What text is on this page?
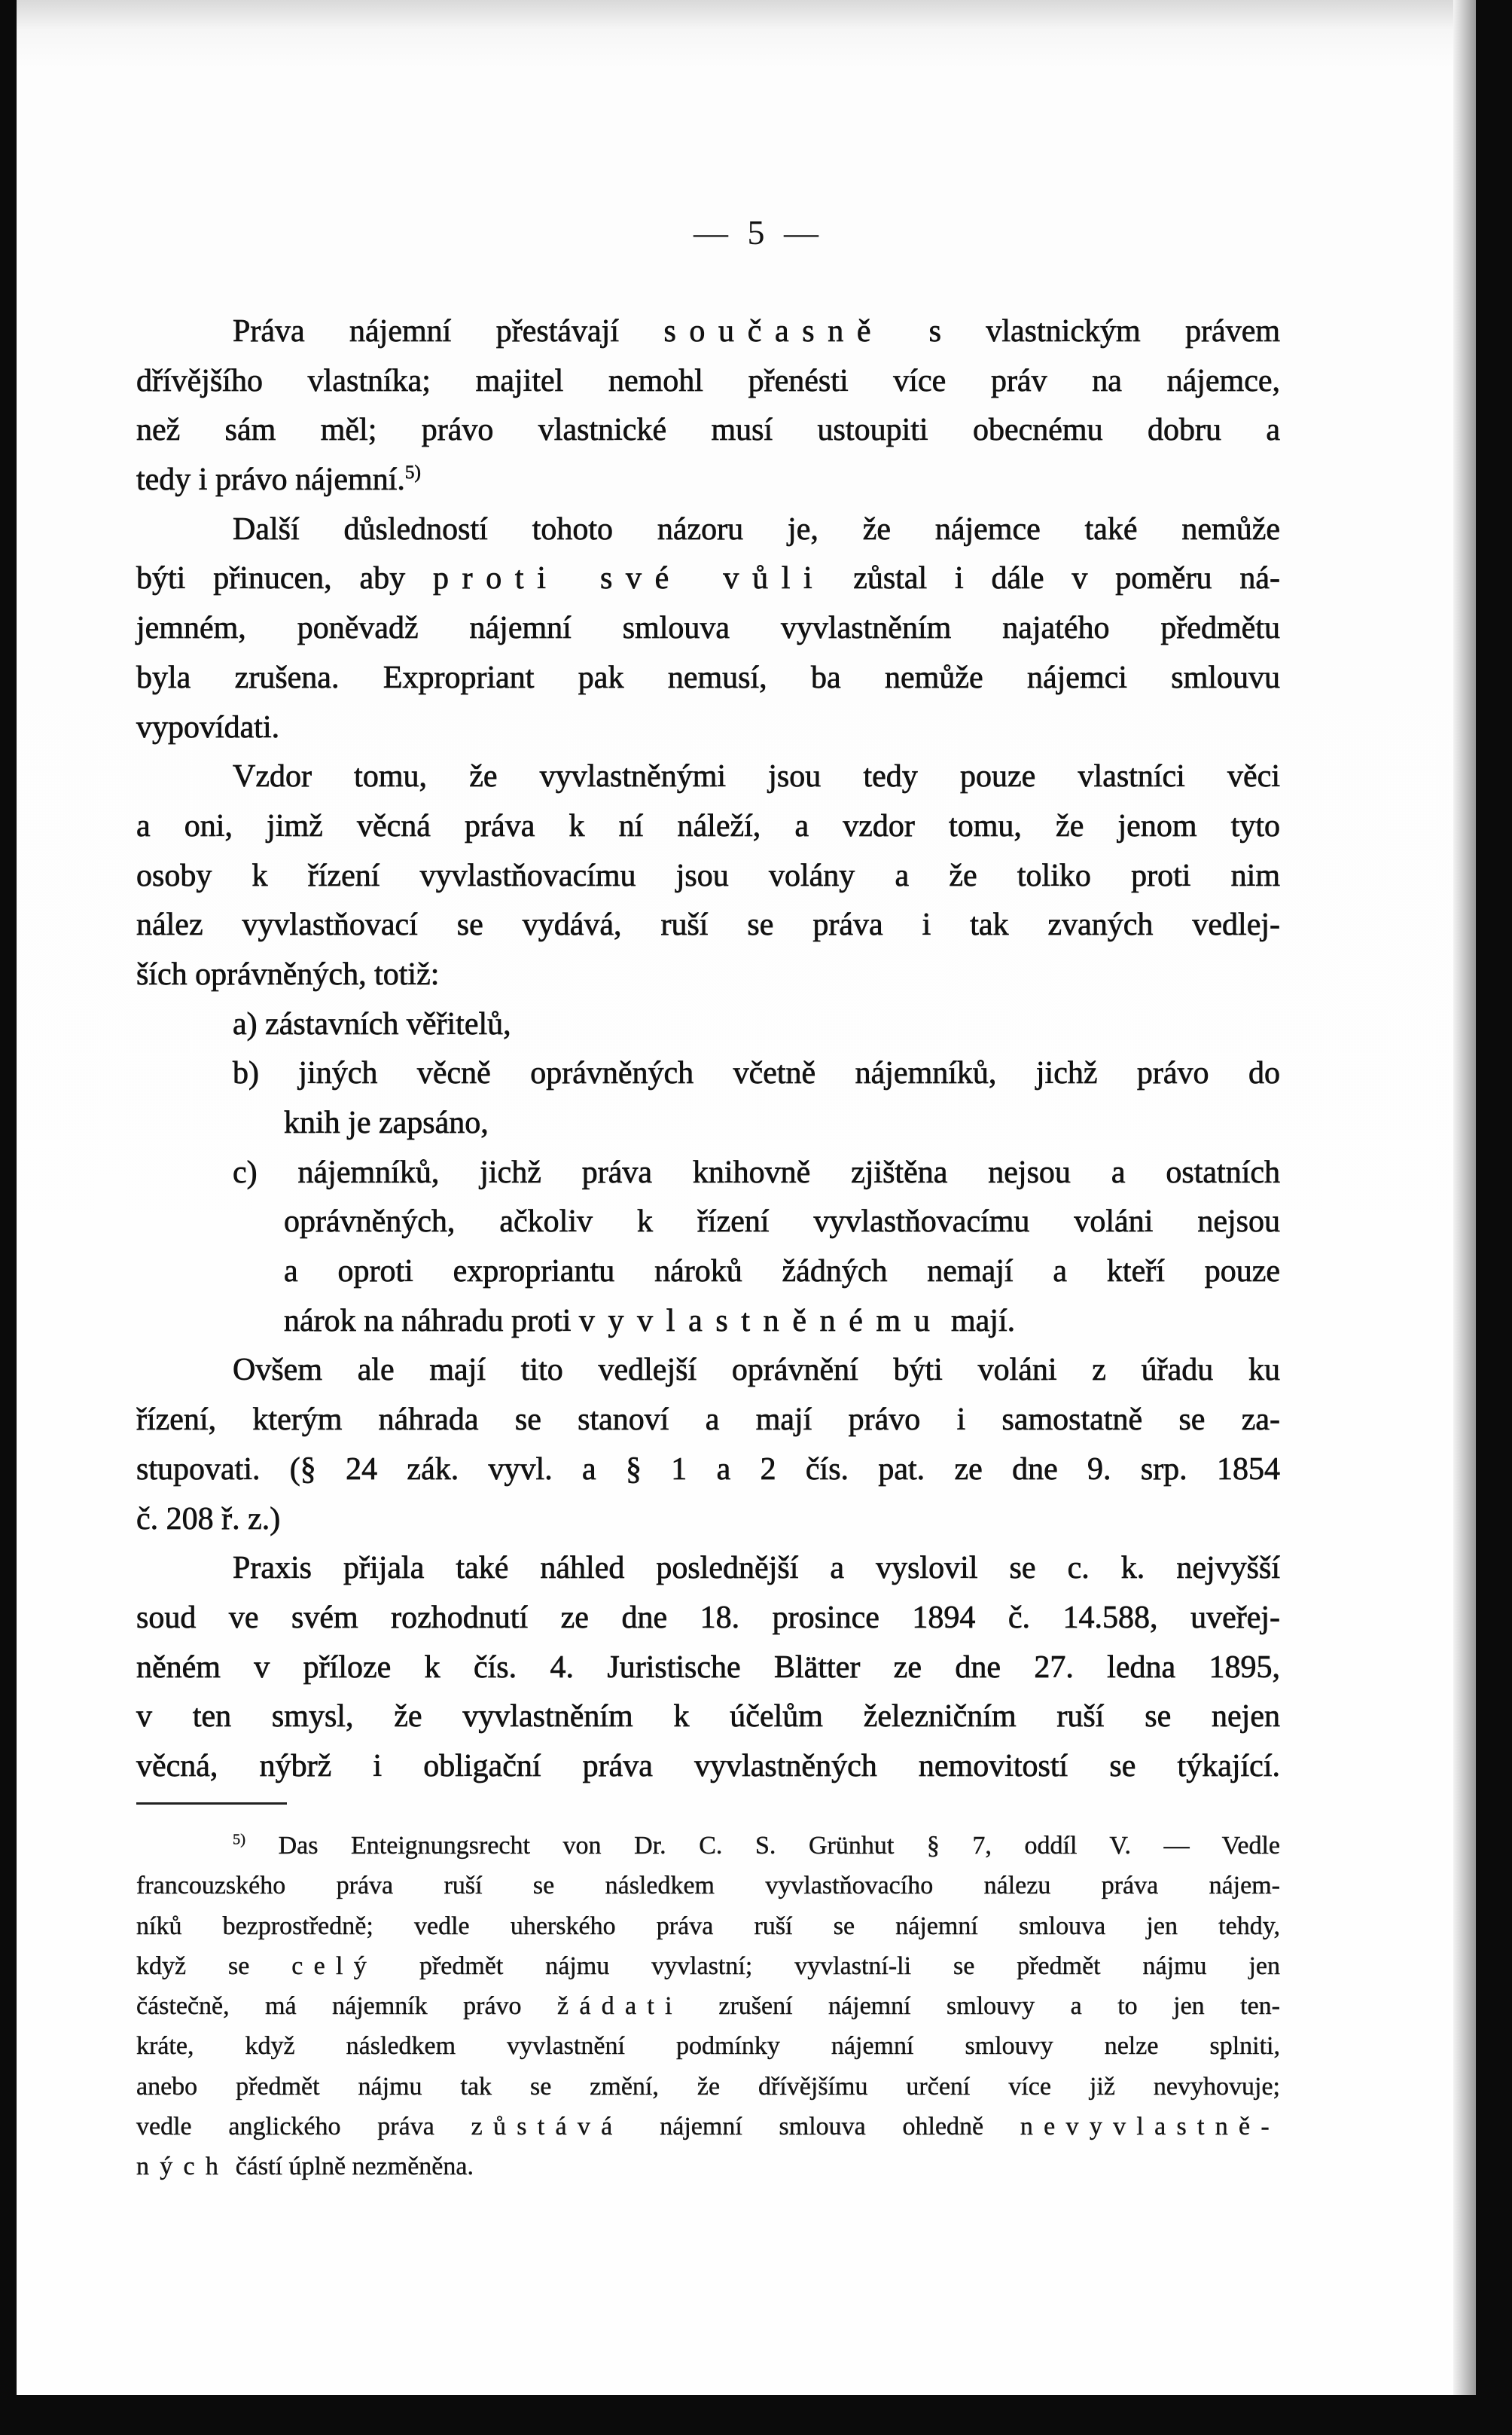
— 5 —
Práva nájemní přestávají současně s vlastnickým právem
dřívějšího vlastníka; majitel nemohl přenésti více práv na nájemce,
než sám měl; právo vlastnické musí ustoupiti obecnému dobru a
tedy i právo nájemní.$^{5)}$
Další důsledností tohoto názoru je, že nájemce také nemůže
býti přinucen, aby proti své vůli zůstal i dále v poměru ná-
jemném, poněvadž nájemní smlouva vyvlastněním najatého předmětu
byla zrušena. Expropriant pak nemusí, ba nemůže nájemci smlouvu
vypovídati.
Vzdor tomu, že vyvlastněnými jsou tedy pouze vlastníci věci
a oni, jimž věcná práva k ní náleží, a vzdor tomu, že jenom tyto
osoby k řízení vyvlastňovacímu jsou volány a že toliko proti nim
nález vyvlastňovací se vydává, ruší se práva i tak zvaných vedlej-
ších oprávněných, totiž:
a) zástavních věřitelů,
b) jiných věcně oprávněných včetně nájemníků, jichž právo do
knih je zapsáno,
c) nájemníků, jichž práva knihovně zjištěna nejsou a ostatních
oprávněných, ačkoliv k řízení vyvlastňovacímu voláni nejsou
a oproti expropriantu nároků žádných nemají a kteří pouze
nárok na náhradu proti vyvlastněnému mají.
Ovšem ale mají tito vedlejší oprávnění býti voláni z úřadu ku
řízení, kterým náhrada se stanoví a mají právo i samostatně se za-
stupovati. (§ 24 zák. vyvl. a § 1 a 2 čís. pat. ze dne 9. srp. 1854
č. 208 ř. z.)
Praxis přijala také náhled poslednější a vyslovil se c. k. nejvyšší
soud ve svém rozhodnutí ze dne 18. prosince 1894 č. 14.588, uveřej-
něném v příloze k čís. 4. Juristische Blätter ze dne 27. ledna 1895,
v ten smysl, že vyvlastněním k účelům železničním ruší se nejen
věcná, nýbrž i obligační práva vyvlastněných nemovitostí se týkající.
$^{5)}$ Das Enteignungsrecht von Dr. C. S. Grünhut § 7, oddíl V. — Vedle
francouzského práva ruší se následkem vyvlastňovacího nálezu práva nájem-
níků bezprostředně; vedle uherského práva ruší se nájemní smlouva jen tehdy,
když se celý předmět nájmu vyvlastní; vyvlastní-li se předmět nájmu jen
částečně, má nájemník právo žádati zrušení nájemní smlouvy a to jen ten-
kráte, když následkem vyvlastnění podmínky nájemní smlouvy nelze splniti,
anebo předmět nájmu tak se změní, že dřívějšímu určení více již nevyhovuje;
vedle anglického práva zůstává nájemní smlouva ohledně nevyvlastně-
ných částí úplně nezměněna.
